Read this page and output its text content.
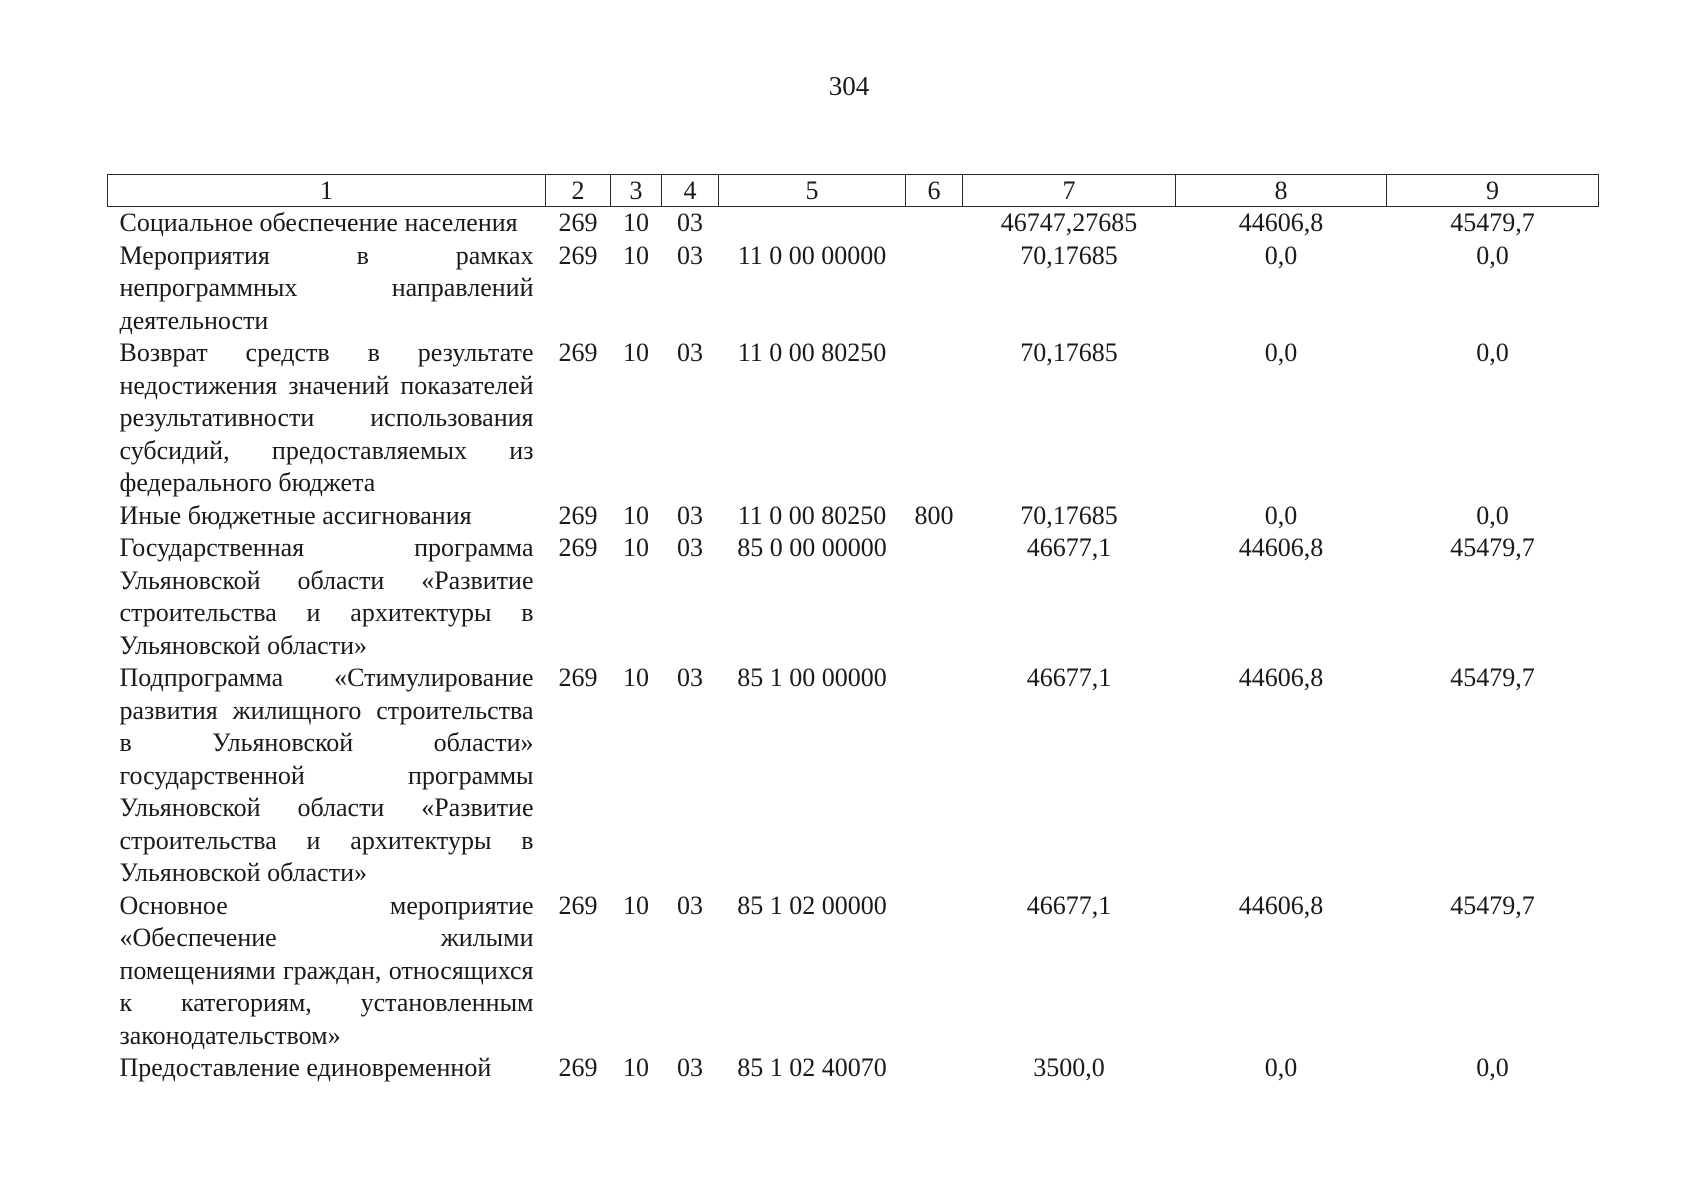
304
1	2	3	4	5	6	7	8	9
Социальное обеспечение населения	269	10	03			46747,27685	44606,8	45479,7
Мероприятия в рамках непрограммных направлений деятельности	269	10	03	11 0 00 00000		70,17685	0,0	0,0
Возврат средств в результате недостижения значений показателей результативности использования субсидий, предоставляемых из федерального бюджета	269	10	03	11 0 00 80250		70,17685	0,0	0,0
Иные бюджетные ассигнования	269	10	03	11 0 00 80250	800	70,17685	0,0	0,0
Государственная программа Ульяновской области «Развитие строительства и архитектуры в Ульяновской области»	269	10	03	85 0 00 00000		46677,1	44606,8	45479,7
Подпрограмма «Стимулирование развития жилищного строительства в Ульяновской области» государственной программы Ульяновской области «Развитие строительства и архитектуры в Ульяновской области»	269	10	03	85 1 00 00000		46677,1	44606,8	45479,7
Основное мероприятие «Обеспечение жилыми помещениями граждан, относящихся к категориям, установленным законодательством»	269	10	03	85 1 02 00000		46677,1	44606,8	45479,7
Предоставление единовременной	269	10	03	85 1 02 40070		3500,0	0,0	0,0
